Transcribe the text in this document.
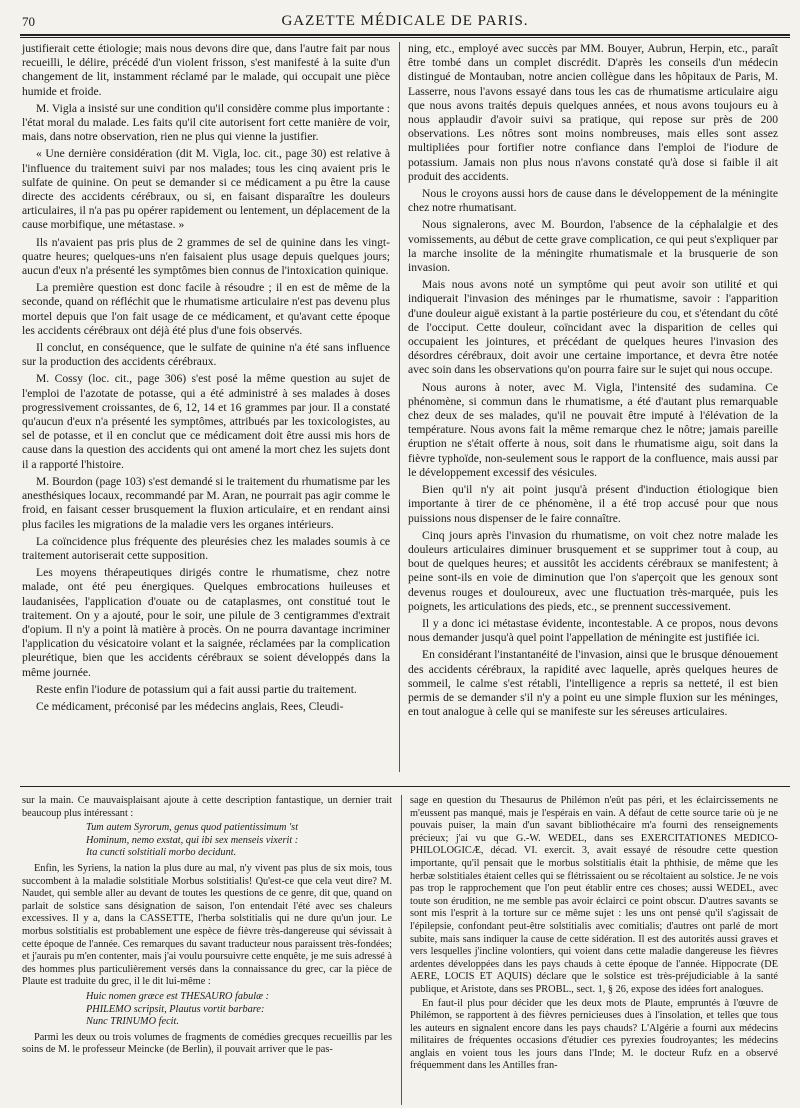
70	GAZETTE MÉDICALE DE PARIS.

justifierait cette étiologie; mais nous devons dire que, dans l'autre fait par nous recueilli, le délire, précédé d'un violent frisson, s'est manifesté à la suite d'un changement de lit, instamment réclamé par le malade, qui occupait une pièce humide et froide.

M. Vigla a insisté sur une condition qu'il considère comme plus importante : l'état moral du malade. Les faits qu'il cite autorisent fort cette manière de voir, mais, dans notre observation, rien ne plus qui vienne la justifier.

« Une dernière considération (dit M. Vigla, loc. cit., page 30) est relative à l'influence du traitement suivi par nos malades; tous les cinq avaient pris le sulfate de quinine. On peut se demander si ce médicament a pu être la cause directe des accidents cérébraux, ou si, en faisant disparaître les douleurs articulaires, il n'a pas pu opérer rapidement ou lentement, un déplacement de la cause morbifique, une métastase. »

Ils n'avaient pas pris plus de 2 grammes de sel de quinine dans les vingt-quatre heures; quelques-uns n'en faisaient plus usage depuis quelques jours; aucun d'eux n'a présenté les symptômes bien connus de l'intoxication quinique.

La première question est donc facile à résoudre ; il en est de même de la seconde, quand on réfléchit que le rhumatisme articulaire n'est pas devenu plus mortel depuis que l'on fait usage de ce médicament, et qu'avant cette époque les accidents cérébraux ont déjà été plus d'une fois observés.

Il conclut, en conséquence, que le sulfate de quinine n'a été sans influence sur la production des accidents cérébraux.

M. Cossy (loc. cit., page 306) s'est posé la même question au sujet de l'emploi de l'azotate de potasse, qui a été administré à ses malades à doses progressivement croissantes, de 6, 12, 14 et 16 grammes par jour. Il a constaté qu'aucun d'eux n'a présenté les symptômes, attribués par les toxicologistes, au sel de potasse, et il en conclut que ce médicament doit être aussi mis hors de cause dans la question des accidents qui ont amené la mort chez les sujets dont il a rapporté l'histoire.

M. Bourdon (page 103) s'est demandé si le traitement du rhumatisme par les anesthésiques locaux, recommandé par M. Aran, ne pourrait pas agir comme le froid, en faisant cesser brusquement la fluxion articulaire, et en rendant ainsi plus faciles les migrations de la maladie vers les organes intérieurs.

La coïncidence plus fréquente des pleurésies chez les malades soumis à ce traitement autoriserait cette supposition.

Les moyens thérapeutiques dirigés contre le rhumatisme, chez notre malade, ont été peu énergiques. Quelques embrocations huileuses et laudanisées, l'application d'ouate ou de cataplasmes, ont constitué tout le traitement. On y a ajouté, pour le soir, une pilule de 3 centigrammes d'extrait d'opium. Il n'y a point là matière à procès. On ne pourra davantage incriminer l'application du vésicatoire volant et la saignée, réclamées par la complication pleurétique, bien que les accidents cérébraux se soient développés dans la même journée.

Reste enfin l'iodure de potassium qui a fait aussi partie du traitement.

Ce médicament, préconisé par les médecins anglais, Rees, Cleudi-

ning, etc., employé avec succès par MM. Bouyer, Aubrun, Herpin, etc., paraît être tombé dans un complet discrédit. D'après les conseils d'un médecin distingué de Montauban, notre ancien collègue dans les hôpitaux de Paris, M. Lasserre, nous l'avons essayé dans tous les cas de rhumatisme articulaire aigu que nous avons traités depuis quelques années, et nous avons toujours eu à nous applaudir d'avoir suivi sa pratique, qui repose sur près de 200 observations. Les nôtres sont moins nombreuses, mais elles sont assez multipliées pour fortifier notre confiance dans l'emploi de l'iodure de potassium. Jamais non plus nous n'avons constaté qu'à dose si faible il ait produit des accidents.

Nous le croyons aussi hors de cause dans le développement de la méningite chez notre rhumatisant.

Nous signalerons, avec M. Bourdon, l'absence de la céphalalgie et des vomissements, au début de cette grave complication, ce qui peut s'expliquer par la marche insolite de la méningite rhumatismale et la brusquerie de son invasion.

Mais nous avons noté un symptôme qui peut avoir son utilité et qui indiquerait l'invasion des méninges par le rhumatisme, savoir : l'apparition d'une douleur aiguë existant à la partie postérieure du cou, et s'étendant du côté de l'occiput. Cette douleur, coïncidant avec la disparition de celles qui occupaient les jointures, et précédant de quelques heures l'invasion des désordres cérébraux, doit avoir une certaine importance, et devra être notée avec soin dans les observations qu'on pourra faire sur le sujet qui nous occupe.

Nous aurons à noter, avec M. Vigla, l'intensité des sudamina. Ce phénomène, si commun dans le rhumatisme, a été d'autant plus remarquable chez deux de ses malades, qu'il ne pouvait être imputé à l'élévation de la température. Nous avons fait la même remarque chez le nôtre; jamais pareille éruption ne s'était offerte à nous, soit dans le rhumatisme aigu, soit dans la fièvre typhoïde, non-seulement sous le rapport de la confluence, mais aussi par le développement excessif des vésicules.

Bien qu'il n'y ait point jusqu'à présent d'induction étiologique bien importante à tirer de ce phénomène, il a été trop accusé pour que nous puissions nous dispenser de le faire connaître.

Cinq jours après l'invasion du rhumatisme, on voit chez notre malade les douleurs articulaires diminuer brusquement et se supprimer tout à coup, au bout de quelques heures; et aussitôt les accidents cérébraux se manifestent; à peine sont-ils en voie de diminution que l'on s'aperçoit que les genoux sont devenus rouges et douloureux, avec une fluctuation très-marquée, puis les poignets, les articulations des pieds, etc., se prennent successivement.

Il y a donc ici métastase évidente, incontestable. A ce propos, nous devons nous demander jusqu'à quel point l'appellation de méningite est justifiée ici.

En considérant l'instantanéité de l'invasion, ainsi que le brusque dénouement des accidents cérébraux, la rapidité avec laquelle, après quelques heures de sommeil, le calme s'est rétabli, l'intelligence a repris sa netteté, il est bien permis de se demander s'il n'y a point eu une simple fluxion sur les méninges, en tout analogue à celle qui se manifeste sur les séreuses articulaires.

sur la main. Ce mauvaisplaisant ajoute à cette description fantastique, un dernier trait beaucoup plus intéressant :

Tum autem Syrorum, genus quod patientissimum 'st
Hominum, nemo exstat, qui ibi sex menseis vixerit :
Ita cuncti solstitiali morbo decidunt.

Enfin, les Syriens, la nation la plus dure au mal, n'y vivent pas plus de six mois, tous succombent à la maladie solstitiale Morbus solstitialis! Qu'est-ce que cela veut dire? M. Naudet, qui semble aller au devant de toutes les questions de ce genre, dit que, quand on parlait de solstice sans désignation de saison, l'on entendait l'été avec ses chaleurs excessives. Il y a, dans la CASSETTE, l'herba solstitialis qui ne dure qu'un jour. Le morbus solstitialis est probablement une espèce de fièvre très-dangereuse qui sévissait à cette époque de l'année. Ces remarques du savant traducteur nous paraissent très-fondées; et j'aurais pu m'en contenter, mais j'ai voulu poursuivre cette enquête, je me suis adressé à des hommes plus particulièrement versés dans la connaissance du grec, car la pièce de Plaute est traduite du grec, il le dit lui-même :

Huic nomen græce est THESAURO fabulæ :
PHILEMO scripsit, Plautus vortit barbare:
Nunc TRINUMO fecit.

Parmi les deux ou trois volumes de fragments de comédies grecques recueillis par les soins de M. le professeur Meincke (de Berlin), il pouvait arriver que le pas-

sage en question du Thesaurus de Philémon n'eût pas péri, et les éclaircissements ne m'eussent pas manqué, mais je l'espérais en vain. A défaut de cette source tarie où je ne pouvais puiser, la main d'un savant bibliothécaire m'a fourni des renseignements précieux; j'ai vu que G.-W. WEDEL, dans ses EXERCITATIONES MEDICO-PHILOLOGICÆ, décad. VI. exercit. 3, avait essayé de résoudre cette question importante, qu'il pensait que le morbus solstitialis était la phthisie, de même que les herbæ solstitiales étaient celles qui se flétrissaient ou se récoltaient au solstice. Je ne vois pas trop le rapprochement que l'on peut établir entre ces choses; aussi WEDEL, avec toute son érudition, ne me semble pas avoir éclairci ce point obscur. D'autres savants se sont mis l'esprit à la torture sur ce même sujet : les uns ont pensé qu'il s'agissait de l'épilepsie, confondant peut-être solstitialis avec comitialis; d'autres ont parlé de mort subite, mais sans indiquer la cause de cette sidération. Il est des autorités aussi graves et vers lesquelles j'incline volontiers, qui voient dans cette maladie dangereuse les fièvres ardentes développées dans les pays chauds à cette époque de l'année. Hippocrate (DE AERE, LOCIS ET AQUIS) déclare que le solstice est très-préjudiciable à la santé publique, et Aristote, dans ses PROBL., sect. 1, § 26, expose des idées fort analogues.

En faut-il plus pour décider que les deux mots de Plaute, empruntés à l'œuvre de Philémon, se rapportent à des fièvres pernicieuses dues à l'insolation, et telles que tous les auteurs en signalent encore dans les pays chauds? L'Algérie a fourni aux médecins militaires de fréquentes occasions d'étudier ces pyrexies foudroyantes; les médecins anglais en voient tous les jours dans l'Inde; M. le docteur Rufz en a observé fréquemment dans les Antilles fran-
